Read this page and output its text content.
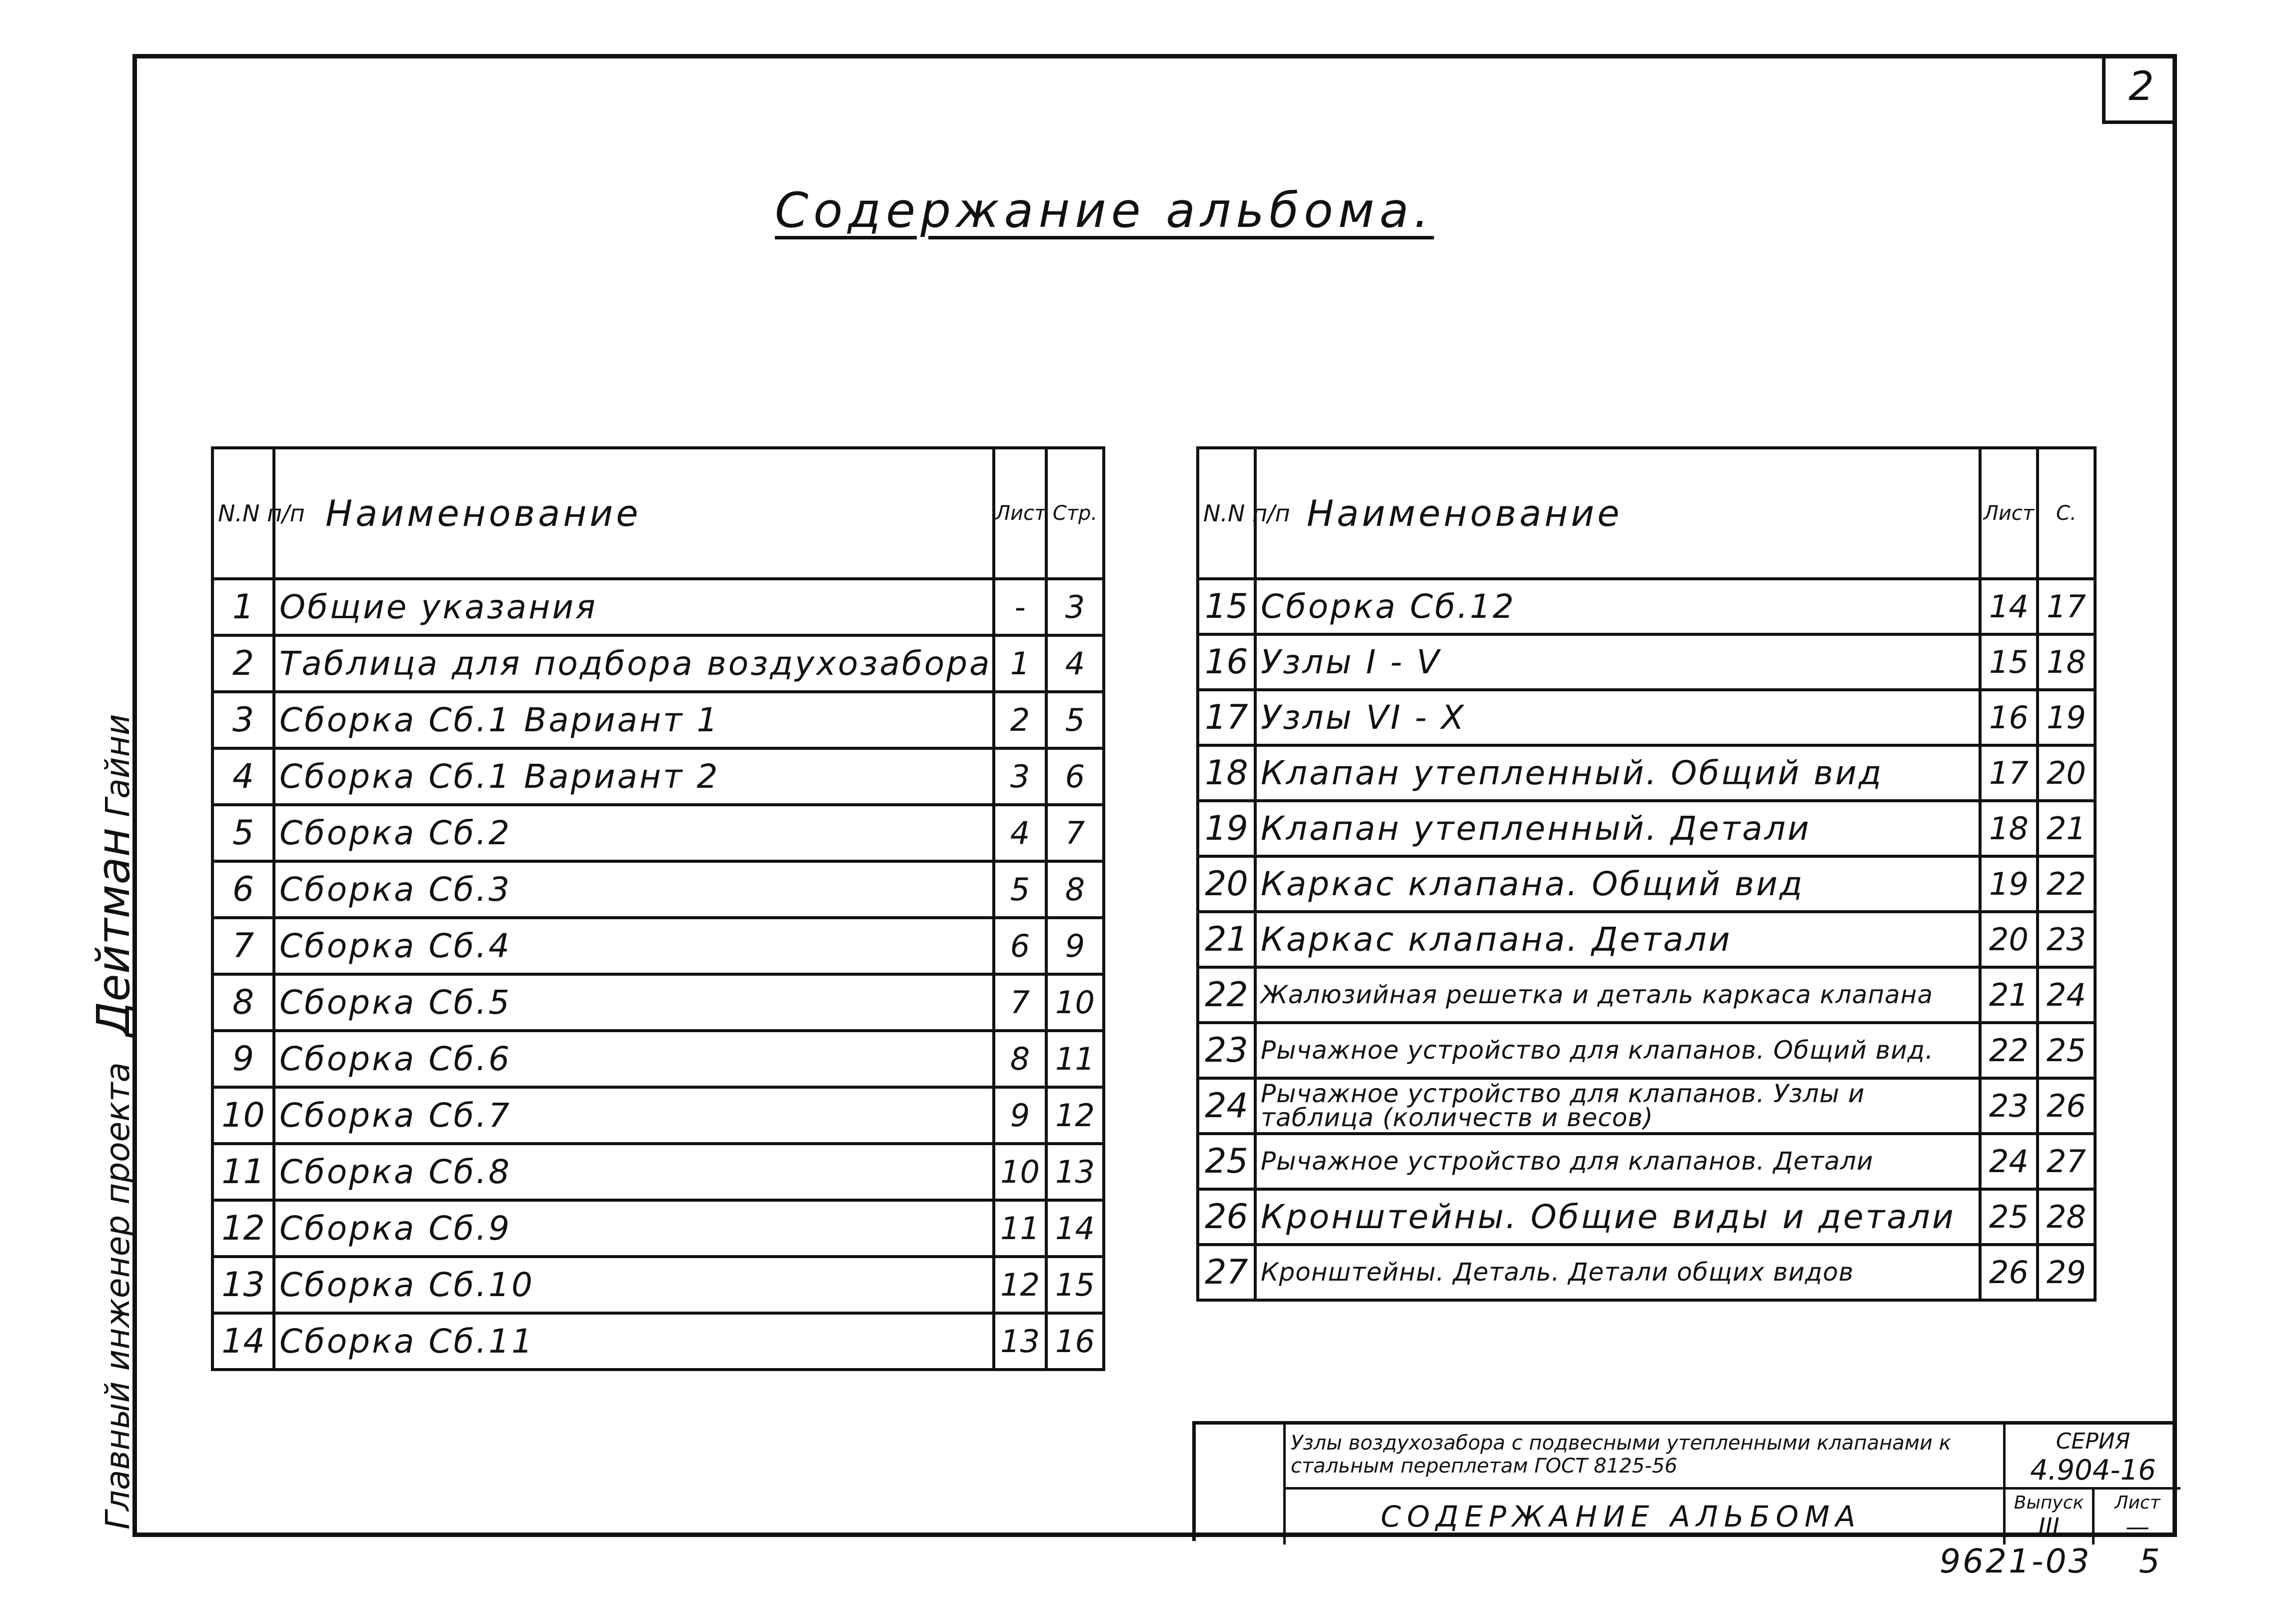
2
Содержание альбома.
Главный инженер проекта Дейтман Гайни
N.N п/п	Наименование	Лист	Стр.
1	Общие указания	-	3
2	Таблица для подбора воздухозабора	1	4
3	Сборка Сб.1 Вариант 1	2	5
4	Сборка Сб.1 Вариант 2	3	6
5	Сборка Сб.2	4	7
6	Сборка Сб.3	5	8
7	Сборка Сб.4	6	9
8	Сборка Сб.5	7	10
9	Сборка Сб.6	8	11
10	Сборка Сб.7	9	12
11	Сборка Сб.8	10	13
12	Сборка Сб.9	11	14
13	Сборка Сб.10	12	15
14	Сборка Сб.11	13	16
N.N п/п	Наименование	Лист	С.
15	Сборка Сб.12	14	17
16	Узлы I - V	15	18
17	Узлы VI - X	16	19
18	Клапан утепленный. Общий вид	17	20
19	Клапан утепленный. Детали	18	21
20	Каркас клапана. Общий вид	19	22
21	Каркас клапана. Детали	20	23
22	Жалюзийная решетка и деталь каркаса клапана	21	24
23	Рычажное устройство для клапанов. Общий вид.	22	25
24	Рычажное устройство для клапанов. Узлы и таблица (количеств и весов)	23	26
25	Рычажное устройство для клапанов. Детали	24	27
26	Кронштейны. Общие виды и детали	25	28
27	Кронштейны. Деталь. Детали общих видов	26	29
Узлы воздухозабора с подвесными утепленными клапанами к стальным переплетам ГОСТ 8125-56
СОДЕРЖАНИЕ АЛЬБОМА
СЕРИЯ
4.904-16
Выпуск
III
Лист
—
9621-03 5
